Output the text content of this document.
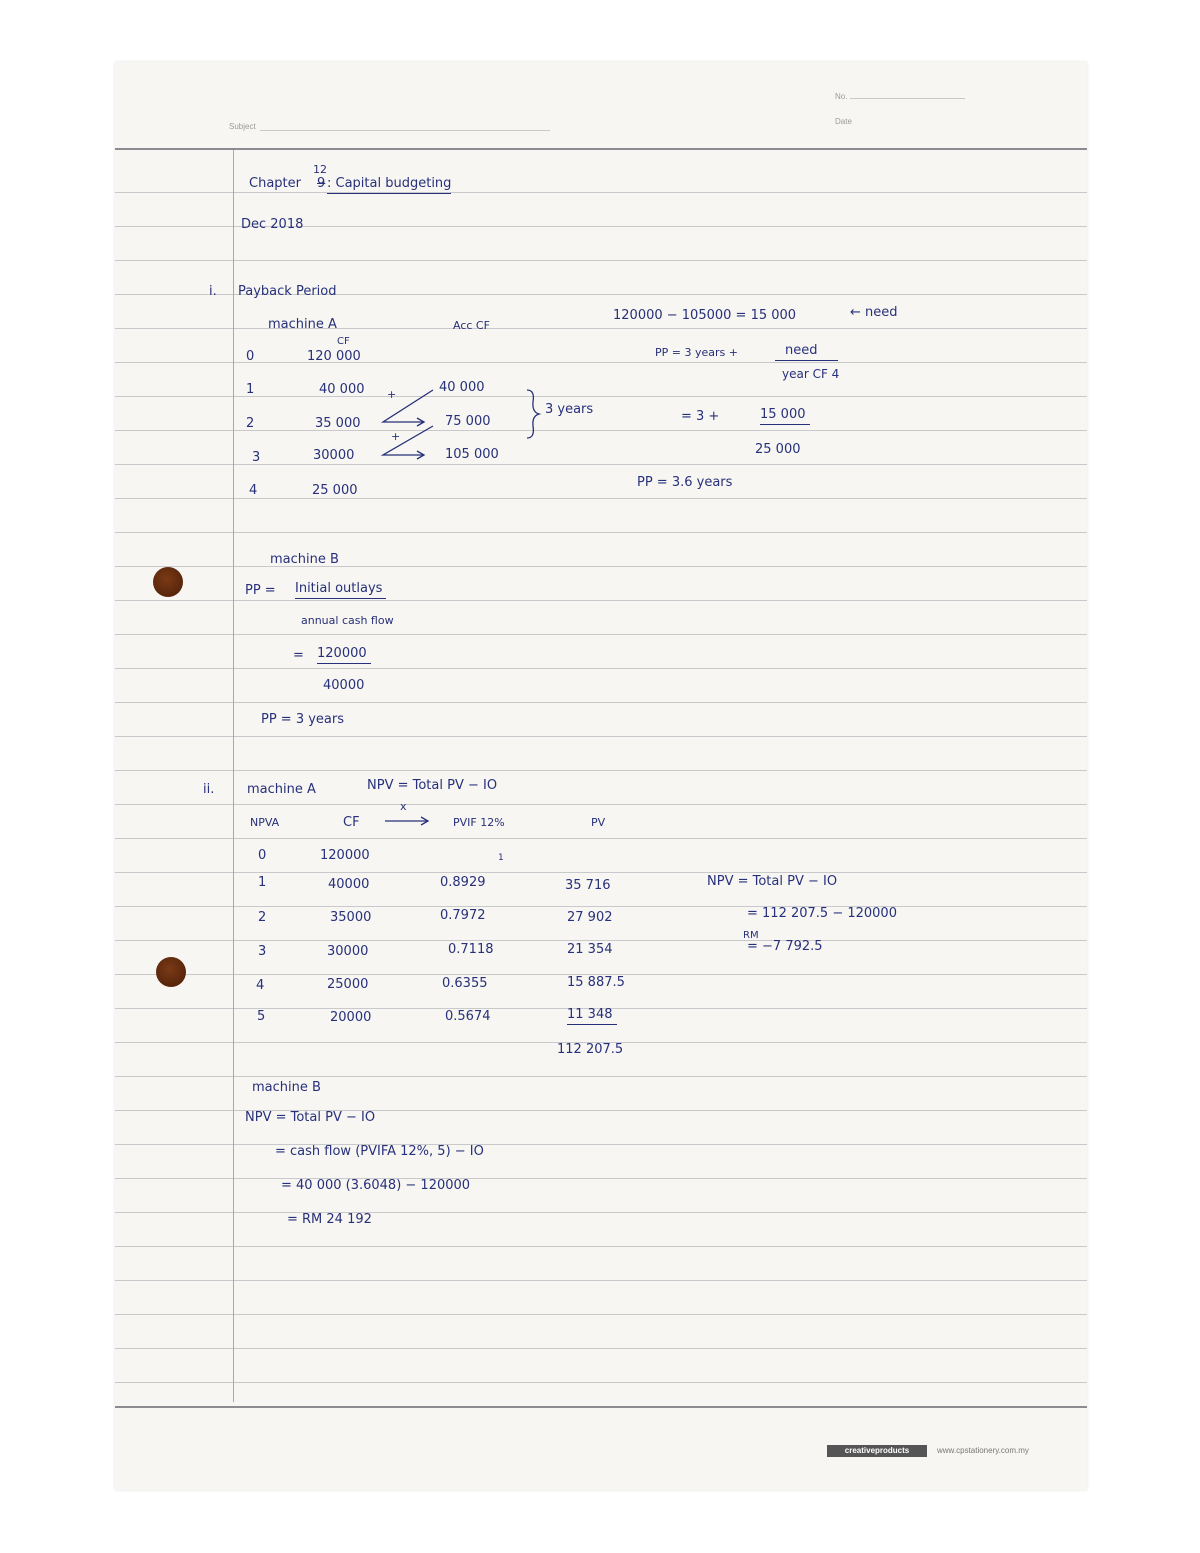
Subject
No.
Date
creativeproducts	www.cpstationery.com.my
Chapter 9
12
: Capital budgeting
Dec 2018
i. Payback Period
machine A
CF
Acc CF
0	120 000
1	40 000	40 000
2	35 000	75 000
3	30000	105 000
4	25 000
+
+
3 years
120000 − 105000 = 15 000	← need
PP = 3 years +	need
year CF 4
= 3 +	15 000
25 000
PP = 3.6 years
machine B
PP = Initial outlays
annual cash flow
= 120000
40000
PP = 3 years
ii.	machine A	NPV = Total PV − IO
NPVA	CF
x
PVIF 12%	PV
0	120000	1
1	40000	0.8929	35 716
2	35000	0.7972	27 902
3	30000	0.7118	21 354
4	25000	0.6355	15 887.5
5	20000	0.5674	11 348
112 207.5
NPV = Total PV − IO
= 112 207.5 − 120000
RM
= −7 792.5
machine B
NPV = Total PV − IO
= cash flow (PVIFA 12%, 5) − IO
= 40 000 (3.6048) − 120000
= RM 24 192
